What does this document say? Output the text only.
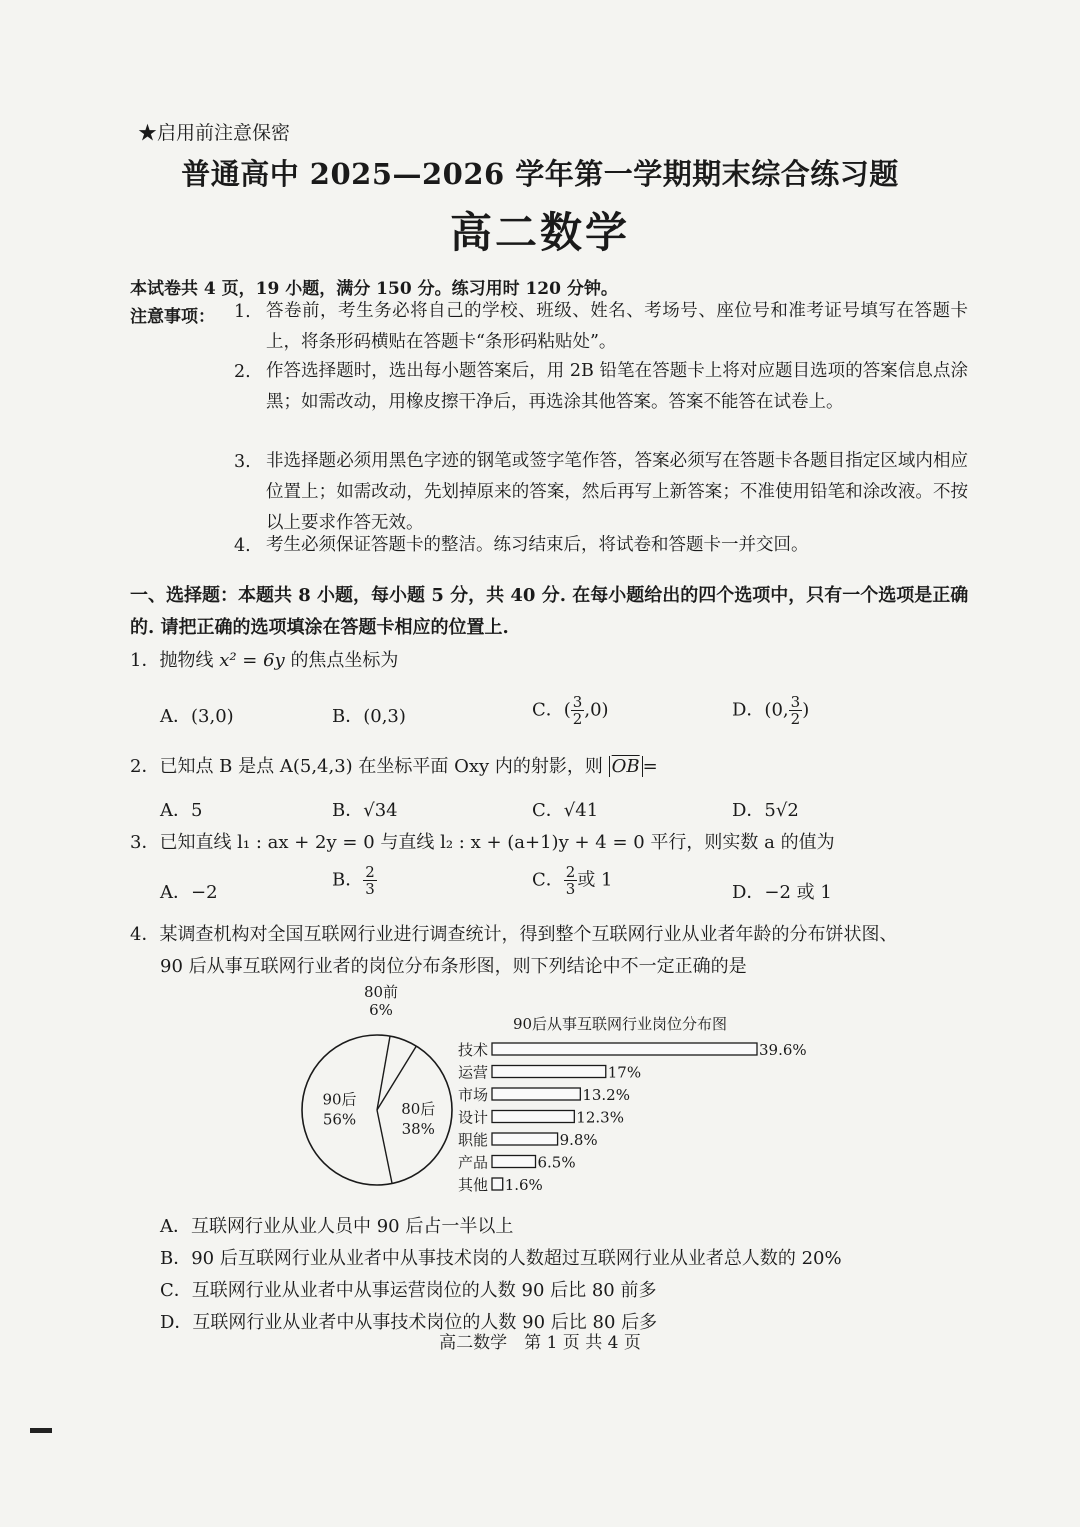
★启用前注意保密
普通高中 2025—2026 学年第一学期期末综合练习题
高二数学
本试卷共 4 页，19 小题，满分 150 分。练习用时 120 分钟。
注意事项： 1. 答卷前，考生务必将自己的学校、班级、姓名、考场号、座位号和准考证号填写在答题卡上，将条形码横贴在答题卡“条形码粘贴处”。
2. 作答选择题时，选出每小题答案后，用 2B 铅笔在答题卡上将对应题目选项的答案信息点涂黑；如需改动，用橡皮擦干净后，再选涂其他答案。答案不能答在试卷上。
3. 非选择题必须用黑色字迹的钢笔或签字笔作答，答案必须写在答题卡各题目指定区域内相应位置上；如需改动，先划掉原来的答案，然后再写上新答案；不准使用铅笔和涂改液。不按以上要求作答无效。
4. 考生必须保证答题卡的整洁。练习结束后，将试卷和答题卡一并交回。
一、选择题：本题共 8 小题，每小题 5 分，共 40 分. 在每小题给出的四个选项中，只有一个选项是正确的. 请把正确的选项填涂在答题卡相应的位置上.
1．抛物线 x² = 6y 的焦点坐标为
A．(3,0)	B．(0,3)	C．( $\frac{3}{2} ,0$)	D．(0, $\frac{3}{2}$ )
2．已知点 B 是点 A(5,4,3) 在坐标平面 Oxy 内的射影，则 $\overline{OB}$ =
A．5	B．√34	C．√41	D．5√2
3．已知直线 l₁ : ax + 2y = 0 与直线 l₂ : x + (a+1)y + 4 = 0 平行，则实数 a 的值为
A．−2
B． $\frac{2}{3}$	C． $\frac{2}{3}$ 或 1
D．−2 或 1
4．某调查机构对全国互联网行业进行调查统计，得到整个互联网行业从业者年龄的分布饼状图、
90 后从事互联网行业者的岗位分布条形图，则下列结论中不一定正确的是
80前
6%
80后
38%
90后
56%
90后从事互联网行业岗位分布图
技术	39.6%
运营	17%
市场	13.2%
设计	12.3%
职能	9.8%
产品	6.5%
其他 1.6%
A．互联网行业从业人员中 90 后占一半以上
B．90 后互联网行业从业者中从事技术岗的人数超过互联网行业从业者总人数的 20%
C．互联网行业从业者中从事运营岗位的人数 90 后比 80 前多
D．互联网行业从业者中从事技术岗位的人数 90 后比 80 后多
高二数学　第 1 页 共 4 页
